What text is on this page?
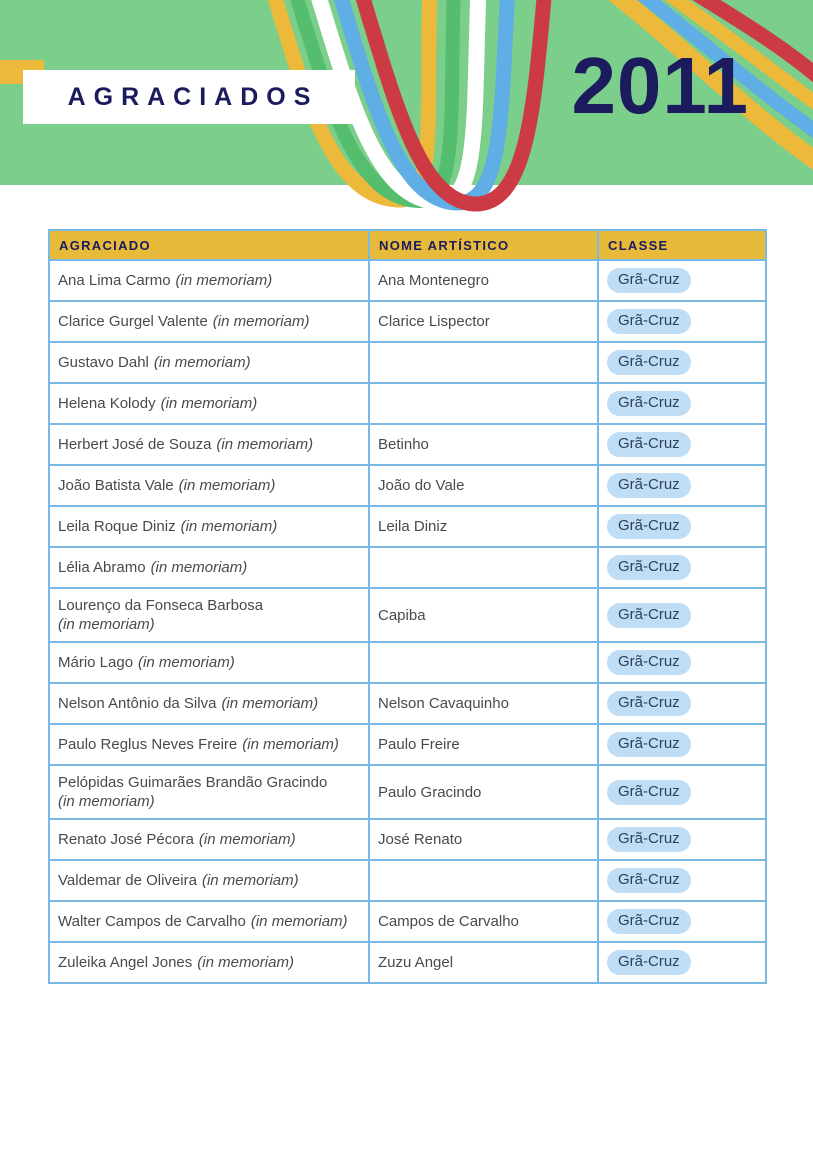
AGRACIADOS	2011
AGRACIADO	NOME ARTÍSTICO	CLASSE
Ana Lima Carmo (in memoriam)	Ana Montenegro	Grã-Cruz
Clarice Gurgel Valente (in memoriam)	Clarice Lispector	Grã-Cruz
Gustavo Dahl (in memoriam)		Grã-Cruz
Helena Kolody (in memoriam)		Grã-Cruz
Herbert José de Souza (in memoriam)	Betinho	Grã-Cruz
João Batista Vale (in memoriam)	João do Vale	Grã-Cruz
Leila Roque Diniz (in memoriam)	Leila Diniz	Grã-Cruz
Lélia Abramo (in memoriam)		Grã-Cruz
Lourenço da Fonseca Barbosa
(in memoriam)	Capiba	Grã-Cruz
Mário Lago (in memoriam)		Grã-Cruz
Nelson Antônio da Silva (in memoriam)	Nelson Cavaquinho	Grã-Cruz
Paulo Reglus Neves Freire (in memoriam)	Paulo Freire	Grã-Cruz
Pelópidas Guimarães Brandão Gracindo
(in memoriam)	Paulo Gracindo	Grã-Cruz
Renato José Pécora (in memoriam)	José Renato	Grã-Cruz
Valdemar de Oliveira (in memoriam)		Grã-Cruz
Walter Campos de Carvalho (in memoriam)	Campos de Carvalho	Grã-Cruz
Zuleika Angel Jones (in memoriam)	Zuzu Angel	Grã-Cruz
